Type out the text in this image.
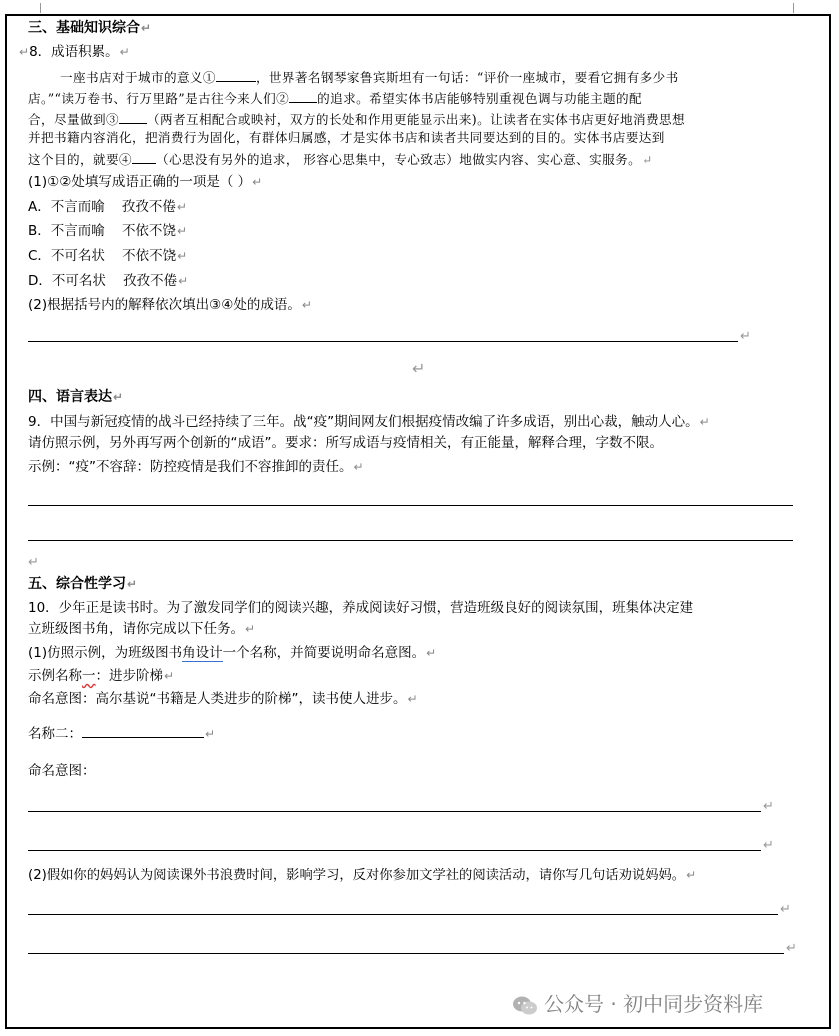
三、基础知识综合↵
↵8．成语积累。↵
一座书店对于城市的意义①	，世界著名钢琴家鲁宾斯坦有一句话：“评价一座城市，要看它拥有多少书
店。”“读万卷书、行万里路”是古往今来人们② 的追求。希望实体书店能够特别重视色调与功能主题的配
合，尽量做到③ （两者互相配合或映衬，双方的长处和作用更能显示出来)。让读者在实体书店更好地消费思想
并把书籍内容消化，把消费行为固化，有群体归属感，才是实体书店和读者共同要达到的目的。实体书店要达到
这个目的，就要④ （心思没有另外的追求， 形容心思集中，专心致志）地做实内容、实心意、实服务。↵
(1)①②处填写成语正确的一项是（ ）↵
A．不言而喻 孜孜不倦↵
B．不言而喻 不依不饶↵
C．不可名状 不依不饶↵
D．不可名状 孜孜不倦↵
(2)根据括号内的解释依次填出③④处的成语。↵
↵
↵
四、语言表达↵
9．中国与新冠疫情的战斗已经持续了三年。战“疫”期间网友们根据疫情改编了许多成语，别出心裁，触动人心。↵
请仿照示例，另外再写两个创新的“成语”。要求：所写成语与疫情相关，有正能量，解释合理，字数不限。
示例：“疫”不容辞：防控疫情是我们不容推卸的责任。↵
↵
五、综合性学习↵
10．少年正是读书时。为了激发同学们的阅读兴趣，养成阅读好习惯，营造班级良好的阅读氛围，班集体决定建
立班级图书角，请你完成以下任务。↵
(1)仿照示例，为班级图书角设计一个名称，并简要说明命名意图。↵
示例名称一：进步阶梯↵
命名意图：高尔基说“书籍是人类进步的阶梯”，读书使人进步。↵
名称二：	↵
命名意图：
↵
↵
(2)假如你的妈妈认为阅读课外书浪费时间，影响学习，反对你参加文学社的阅读活动，请你写几句话劝说妈妈。↵
↵
↵
公众号 · 初中同步资料库
